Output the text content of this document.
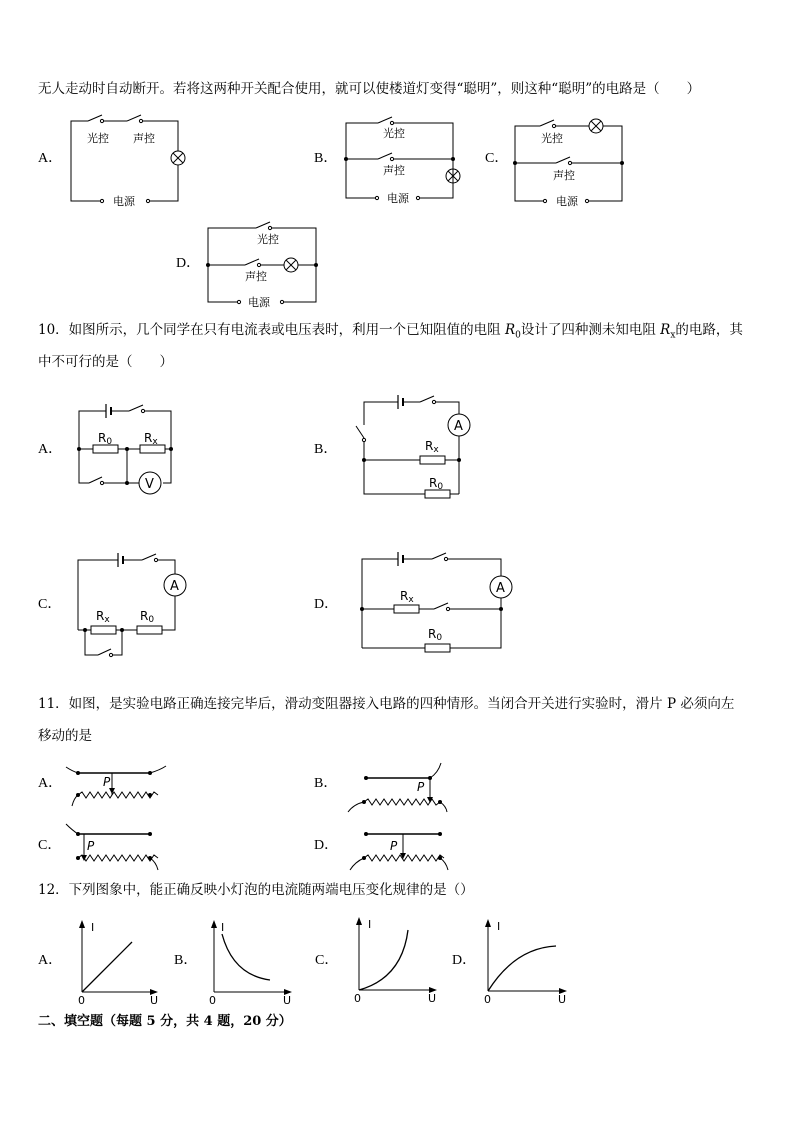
无人走动时自动断开。若将这两种开关配合使用，就可以使楼道灯变得“聪明”，则这种“聪明”的电路是（　　）
A．	B．	C．
D．
光控 声控
电源
光控
声控
电源
光控
声控
电源
光控
声控
电源
10．如图所示，几个同学在只有电流表或电压表时，利用一个已知阻值的电阻 $R_0$设计了四种测未知电阻 $R_x$的电路，其
中不可行的是（　　）
A．	B．
C．	D．
R0	Rx
V
Rx
R0
A
Rx	R0
A
Rx
R0
A
11．如图，是实验电路正确连接完毕后，滑动变阻器接入电路的四种情形。当闭合开关进行实验时，滑片 P 必须向左
移动的是
A．	B．
C．	D．
P	P
P	P
12．下列图象中，能正确反映小灯泡的电流随两端电压变化规律的是（）
A．	B．	C．	D．
I
U
0
I
U
0
I
U
0
I
U
0
二、填空题（每题 5 分，共 4 题，20 分）
